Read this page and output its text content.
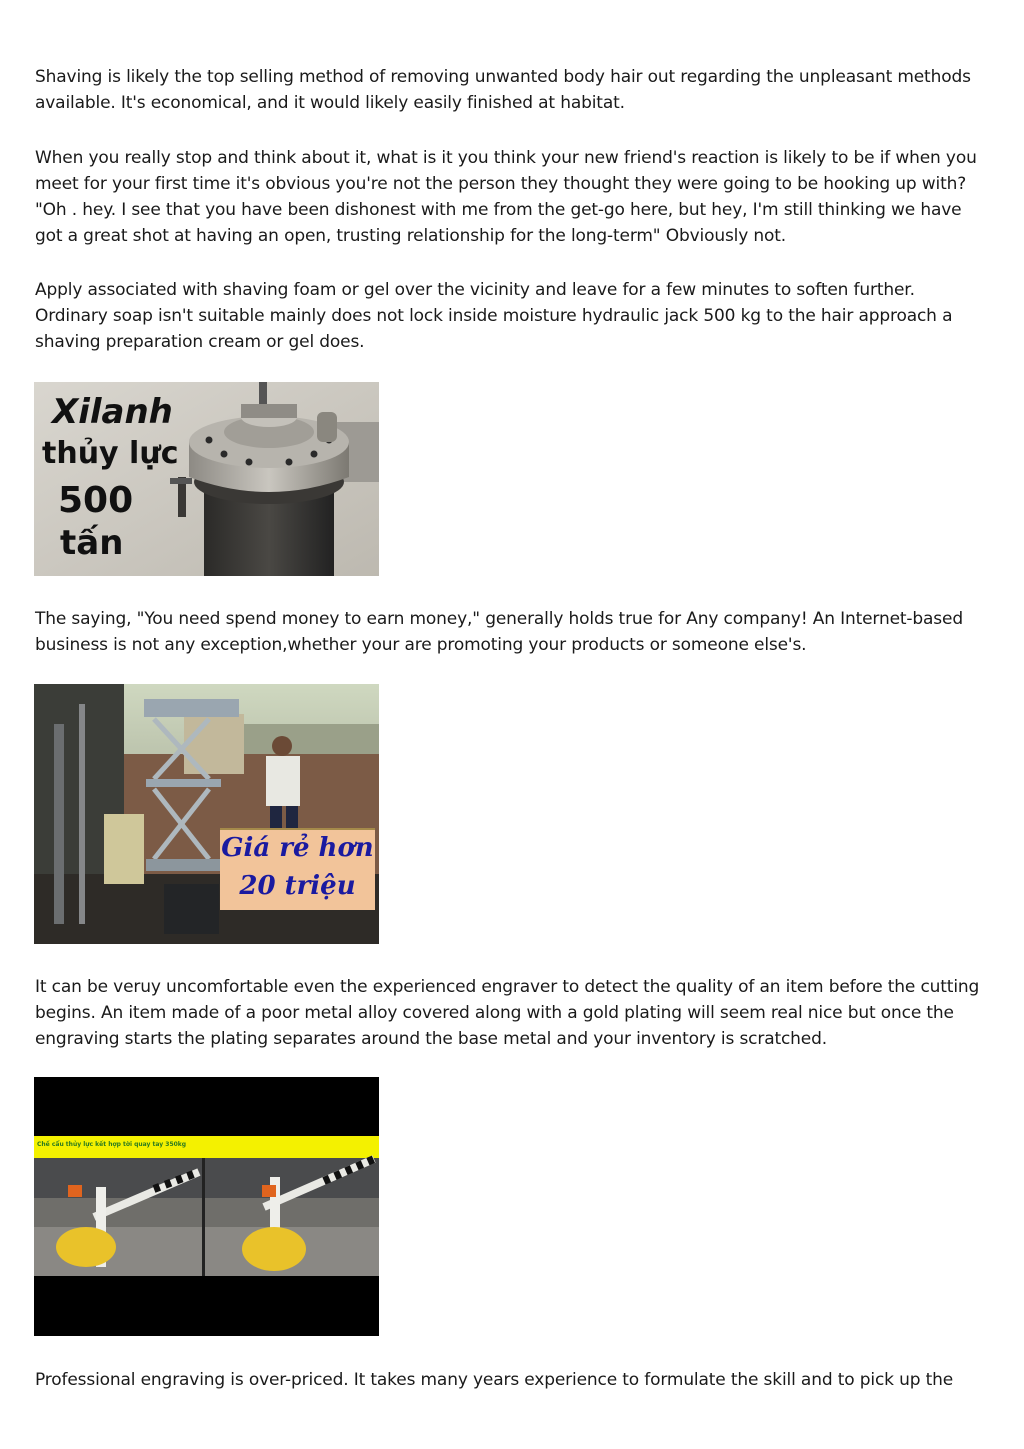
Shaving is likely the top selling method of removing unwanted body hair out regarding the unpleasant methods available. It's economical, and it would likely easily finished at habitat.

When you really stop and think about it, what is it you think your new friend's reaction is likely to be if when you meet for your first time it's obvious you're not the person they thought they were going to be hooking up with? "Oh . hey. I see that you have been dishonest with me from the get-go here, but hey, I'm still thinking we have got a great shot at having an open, trusting relationship for the long-term" Obviously not.

Apply associated with shaving foam or gel over the vicinity and leave for a few minutes to soften further. Ordinary soap isn't suitable mainly does not lock inside moisture hydraulic jack 500 kg to the hair approach a shaving preparation cream or gel does.

Xilanh
thủy lực
500
tấn

The saying, "You need spend money to earn money," generally holds true for Any company! An Internet-based business is not any exception,whether your are promoting your products or someone else's.

Giá rẻ hơn
20 triệu

It can be veruy uncomfortable even the experienced engraver to detect the quality of an item before the cutting begins. An item made of a poor metal alloy covered along with a gold plating will seem real nice but once the engraving starts the plating separates around the base metal and your inventory is scratched.

Chế cẩu thủy lực kết hợp tời quay tay 350kg

Professional engraving is over-priced. It takes many years experience to formulate the skill and to pick up the
